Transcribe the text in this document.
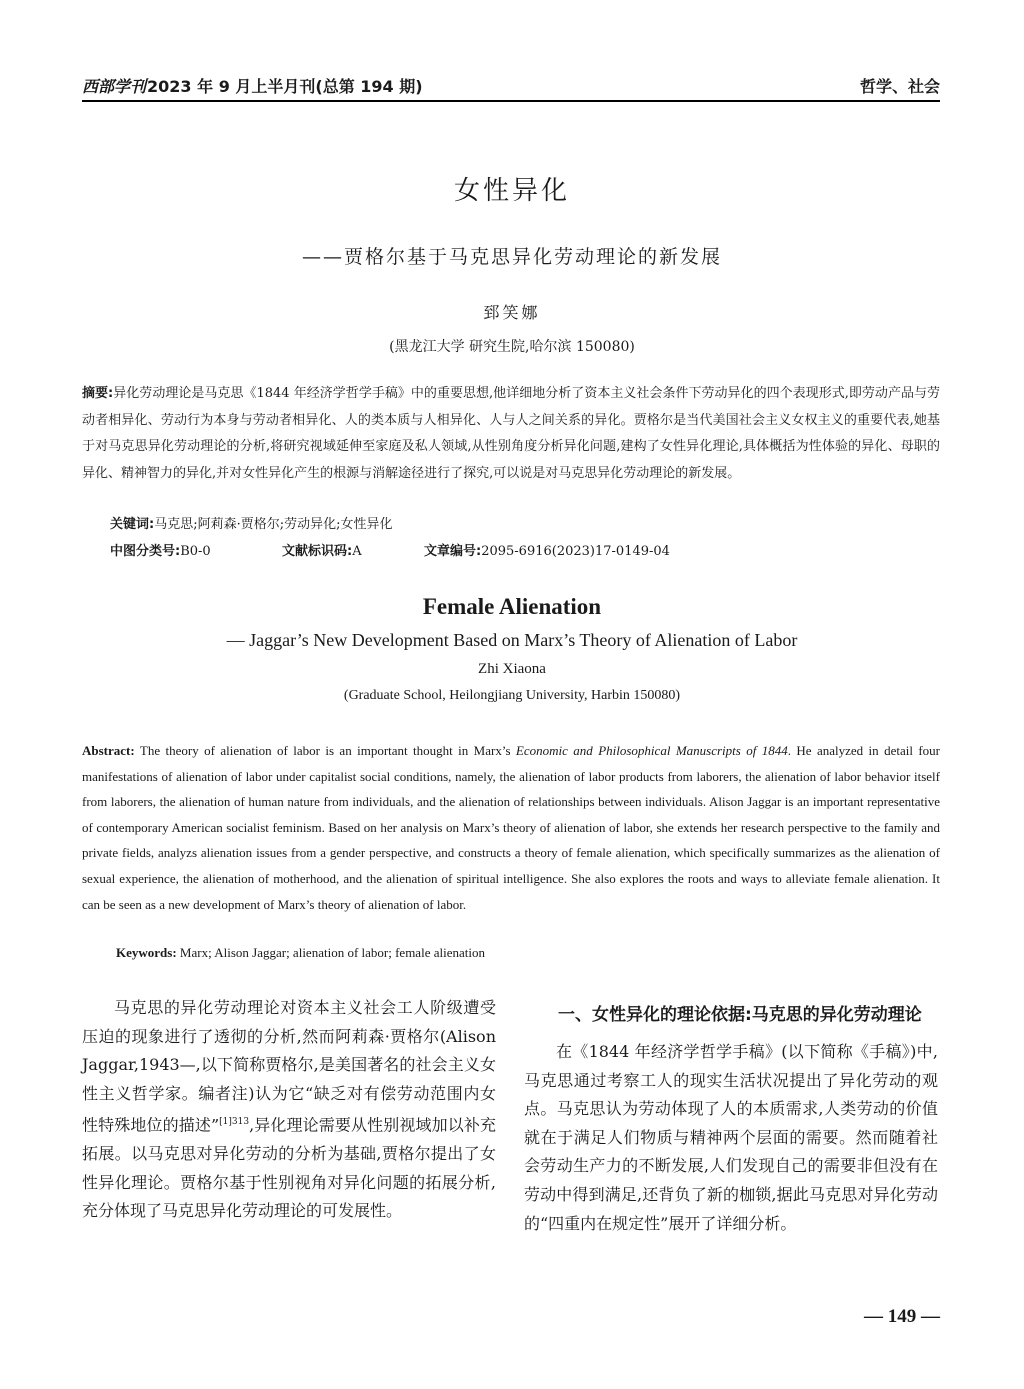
西部学刊 2023 年 9 月上半月刊(总第 194 期)	哲学、社会
女性异化
——贾格尔基于马克思异化劳动理论的新发展
郅笑娜
(黑龙江大学 研究生院,哈尔滨 150080)
摘要:异化劳动理论是马克思《1844 年经济学哲学手稿》中的重要思想,他详细地分析了资本主义社会条件下劳动异化的四个表现形式,即劳动产品与劳动者相异化、劳动行为本身与劳动者相异化、人的类本质与人相异化、人与人之间关系的异化。贾格尔是当代美国社会主义女权主义的重要代表,她基于对马克思异化劳动理论的分析,将研究视域延伸至家庭及私人领域,从性别角度分析异化问题,建构了女性异化理论,具体概括为性体验的异化、母职的异化、精神智力的异化,并对女性异化产生的根源与消解途径进行了探究,可以说是对马克思异化劳动理论的新发展。
关键词:马克思;阿莉森·贾格尔;劳动异化;女性异化
中图分类号:B0-0	文献标识码:A	文章编号:2095-6916(2023)17-0149-04
Female Alienation
— Jaggar’s New Development Based on Marx’s Theory of Alienation of Labor
Zhi Xiaona
(Graduate School, Heilongjiang University, Harbin 150080)
Abstract: The theory of alienation of labor is an important thought in Marx’s Economic and Philosophical Manuscripts of 1844. He analyzed in detail four manifestations of alienation of labor under capitalist social conditions, namely, the alienation of labor products from laborers, the alienation of labor behavior itself from laborers, the alienation of human nature from individuals, and the alienation of relationships between individuals. Alison Jaggar is an important representative of contemporary American socialist feminism. Based on her analysis on Marx’s theory of alienation of labor, she extends her research perspective to the family and private fields, analyzs alienation issues from a gender perspective, and constructs a theory of female alienation, which specifically summarizes as the alienation of sexual experience, the alienation of motherhood, and the alienation of spiritual intelligence. She also explores the roots and ways to alleviate female alienation. It can be seen as a new development of Marx’s theory of alienation of labor.
Keywords: Marx; Alison Jaggar; alienation of labor; female alienation

马克思的异化劳动理论对资本主义社会工人阶级遭受压迫的现象进行了透彻的分析,然而阿莉森·贾格尔(Alison Jaggar,1943—,以下简称贾格尔,是美国著名的社会主义女性主义哲学家。编者注)认为它“缺乏对有偿劳动范围内女性特殊地位的描述”$^{[1]313}$,异化理论需要从性别视域加以补充拓展。以马克思对异化劳动的分析为基础,贾格尔提出了女性异化理论。贾格尔基于性别视角对异化问题的拓展分析,充分体现了马克思异化劳动理论的可发展性。

一、女性异化的理论依据:马克思的异化劳动理论

在《1844 年经济学哲学手稿》(以下简称《手稿》)中,马克思通过考察工人的现实生活状况提出了异化劳动的观点。马克思认为劳动体现了人的本质需求,人类劳动的价值就在于满足人们物质与精神两个层面的需要。然而随着社会劳动生产力的不断发展,人们发现自己的需要非但没有在劳动中得到满足,还背负了新的枷锁,据此马克思对异化劳动的“四重内在规定性”展开了详细分析。

— 149 —
